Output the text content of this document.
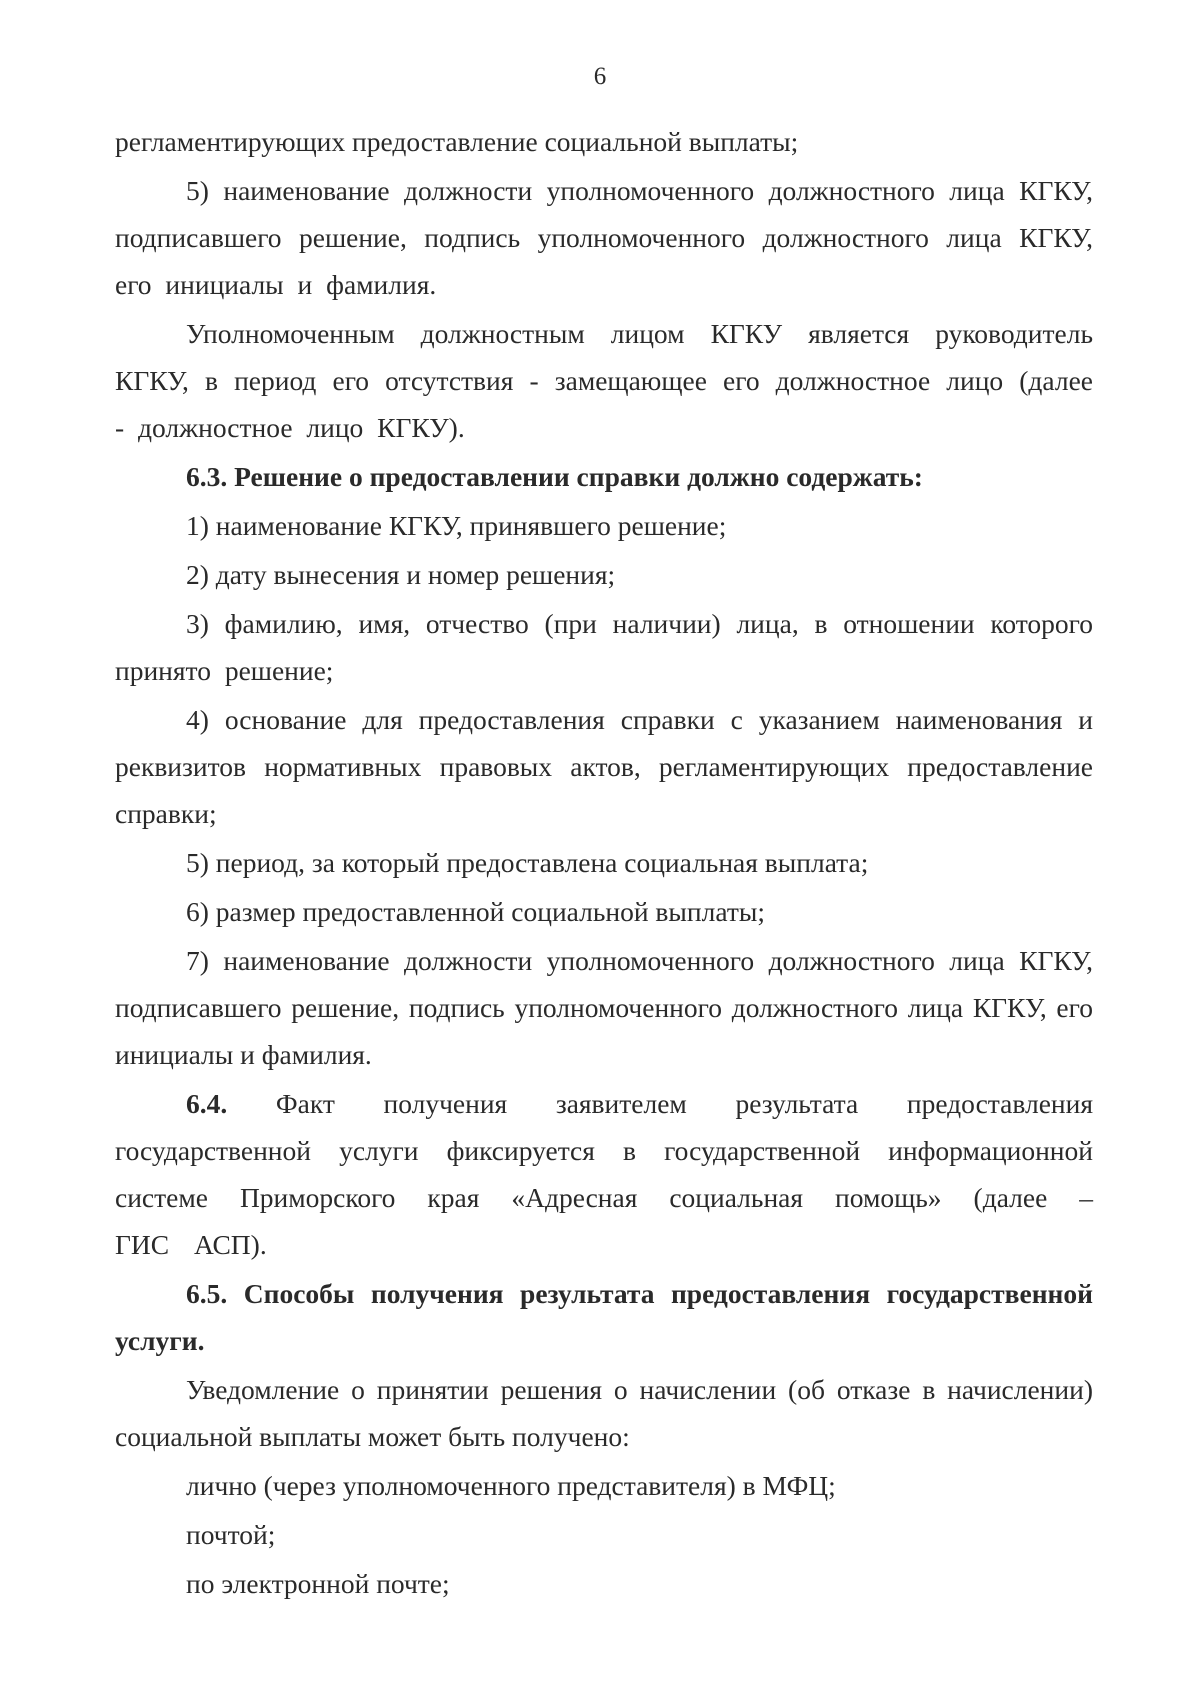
6

регламентирующих предоставление социальной выплаты;

5) наименование должности уполномоченного должностного лица КГКУ, подписавшего решение, подпись уполномоченного должностного лица КГКУ, его инициалы и фамилия.

Уполномоченным должностным лицом КГКУ является руководитель КГКУ, в период его отсутствия - замещающее его должностное лицо (далее - должностное лицо КГКУ).

6.3. Решение о предоставлении справки должно содержать:

1) наименование КГКУ, принявшего решение;

2) дату вынесения и номер решения;

3) фамилию, имя, отчество (при наличии) лица, в отношении которого принято решение;

4) основание для предоставления справки с указанием наименования и реквизитов нормативных правовых актов, регламентирующих предоставление справки;

5) период, за который предоставлена социальная выплата;

6) размер предоставленной социальной выплаты;

7) наименование должности уполномоченного должностного лица КГКУ, подписавшего решение, подпись уполномоченного должностного лица КГКУ, его инициалы и фамилия.

6.4. Факт получения заявителем результата предоставления государственной услуги фиксируется в государственной информационной системе Приморского края «Адресная социальная помощь» (далее – ГИС АСП).

6.5. Способы получения результата предоставления государственной услуги.

Уведомление о принятии решения о начислении (об отказе в начислении) социальной выплаты может быть получено:

лично (через уполномоченного представителя) в МФЦ;

почтой;

по электронной почте;
